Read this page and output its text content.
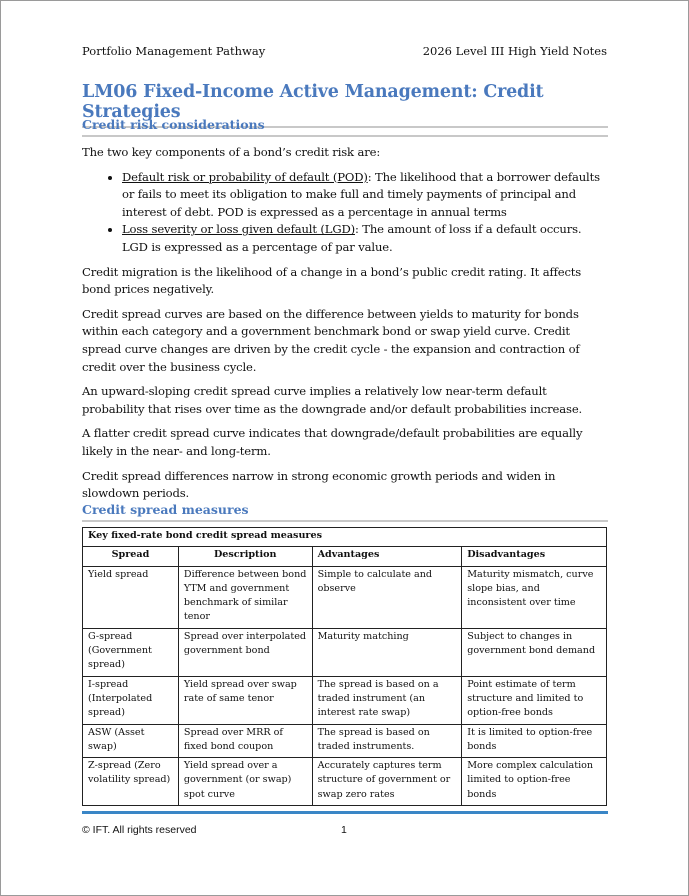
Portfolio Management Pathway	2026 Level III High Yield Notes
LM06 Fixed-Income Active Management: Credit Strategies
Credit risk considerations

The two key components of a bond’s credit risk are:

• Default risk or probability of default (POD): The likelihood that a borrower defaults or fails to meet its obligation to make full and timely payments of principal and interest of debt. POD is expressed as a percentage in annual terms
• Loss severity or loss given default (LGD): The amount of loss if a default occurs. LGD is expressed as a percentage of par value.

Credit migration is the likelihood of a change in a bond’s public credit rating. It affects bond prices negatively.

Credit spread curves are based on the difference between yields to maturity for bonds within each category and a government benchmark bond or swap yield curve. Credit spread curve changes are driven by the credit cycle - the expansion and contraction of credit over the business cycle.

An upward-sloping credit spread curve implies a relatively low near-term default probability that rises over time as the downgrade and/or default probabilities increase.

A flatter credit spread curve indicates that downgrade/default probabilities are equally likely in the near- and long-term.

Credit spread differences narrow in strong economic growth periods and widen in slowdown periods.

Credit spread measures
Key fixed-rate bond credit spread measures			
Spread	Description	Advantages	Disadvantages
Yield spread	Difference between bond YTM and government benchmark of similar tenor	Simple to calculate and observe	Maturity mismatch, curve slope bias, and inconsistent over time
G-spread (Government spread)	Spread over interpolated government bond	Maturity matching	Subject to changes in government bond demand
I-spread (Interpolated spread)	Yield spread over swap rate of same tenor	The spread is based on a traded instrument (an interest rate swap)	Point estimate of term structure and limited to option-free bonds
ASW (Asset swap)	Spread over MRR of fixed bond coupon	The spread is based on traded instruments.	It is limited to option-free bonds
Z-spread (Zero volatility spread)	Yield spread over a government (or swap) spot curve	Accurately captures term structure of government or swap zero rates	More complex calculation limited to option-free bonds
© IFT. All rights reserved	1
